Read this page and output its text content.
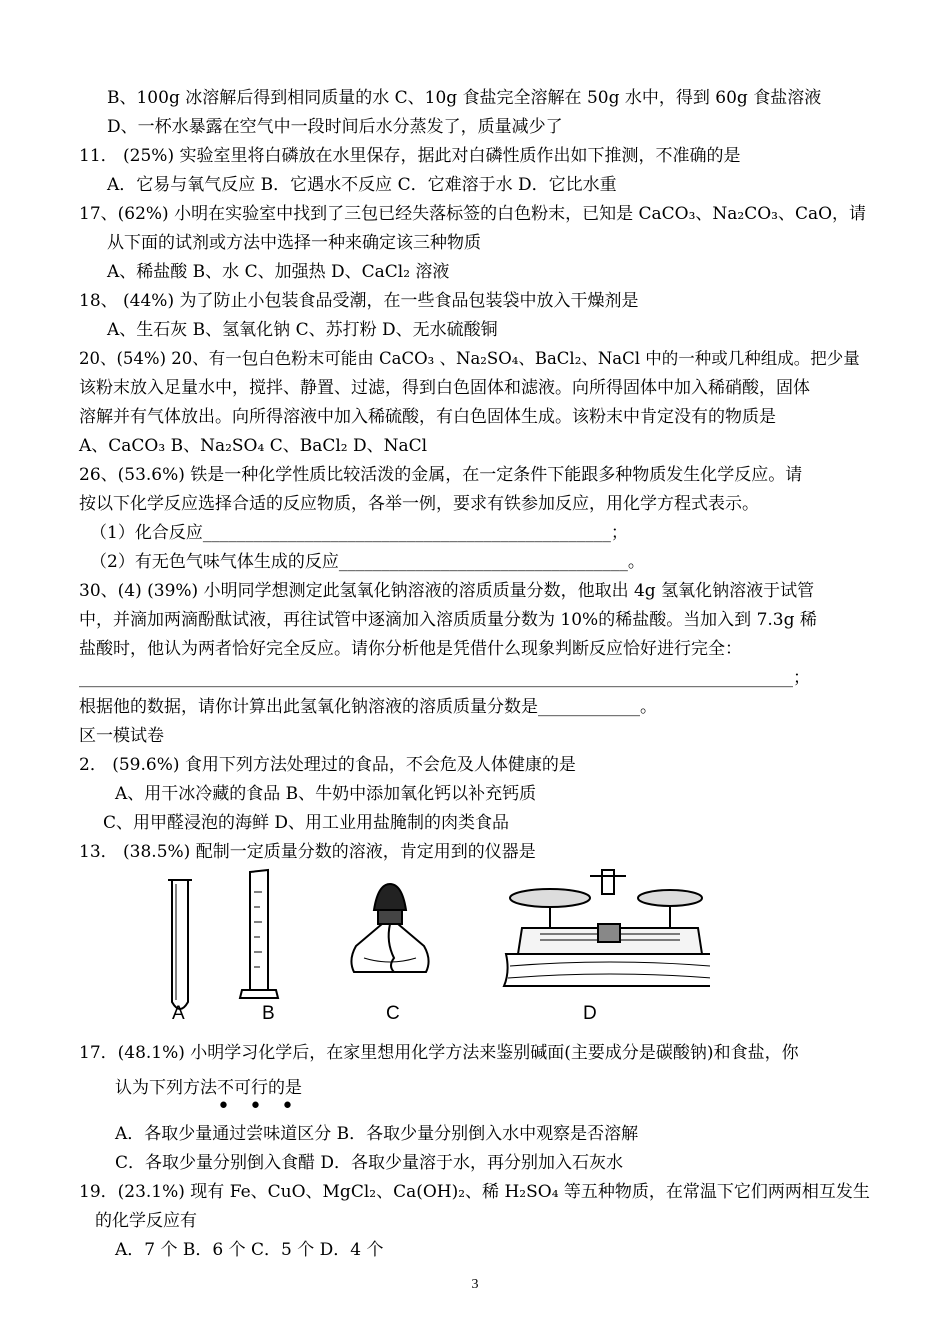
B、100g 冰溶解后得到相同质量的水 C、10g 食盐完全溶解在 50g 水中，得到 60g 食盐溶液
D、一杯水暴露在空气中一段时间后水分蒸发了，质量减少了
11． (25%) 实验室里将白磷放在水里保存，据此对白磷性质作出如下推测，不准确的是
A．它易与氧气反应 B．它遇水不反应 C．它难溶于水 D．它比水重
17、(62%) 小明在实验室中找到了三包已经失落标签的白色粉末，已知是 CaCO₃、Na₂CO₃、CaO，请
从下面的试剂或方法中选择一种来确定该三种物质
A、稀盐酸 B、水 C、加强热 D、CaCl₂ 溶液
18、 (44%) 为了防止小包装食品受潮，在一些食品包装袋中放入干燥剂是
A、生石灰 B、氢氧化钠 C、苏打粉 D、无水硫酸铜
20、(54%) 20、有一包白色粉末可能由 CaCO₃ 、Na₂SO₄、BaCl₂、NaCl 中的一种或几种组成。把少量
该粉末放入足量水中，搅拌、静置、过滤，得到白色固体和滤液。向所得固体中加入稀硝酸，固体
溶解并有气体放出。向所得溶液中加入稀硫酸，有白色固体生成。该粉末中肯定没有的物质是
A、CaCO₃ B、Na₂SO₄ C、BaCl₂ D、NaCl
26、(53.6%) 铁是一种化学性质比较活泼的金属，在一定条件下能跟多种物质发生化学反应。请
按以下化学反应选择合适的反应物质，各举一例，要求有铁参加反应，用化学方程式表示。
（1）化合反应________________________________________________；
（2）有无色气味气体生成的反应__________________________________。
30、(4) (39%) 小明同学想测定此氢氧化钠溶液的溶质质量分数，他取出 4g 氢氧化钠溶液于试管
中，并滴加两滴酚酞试液，再往试管中逐滴加入溶质质量分数为 10%的稀盐酸。当加入到 7.3g 稀
盐酸时，他认为两者恰好完全反应。请你分析他是凭借什么现象判断反应恰好进行完全：
____________________________________________________________________________________；
根据他的数据，请你计算出此氢氧化钠溶液的溶质质量分数是____________。
区一模试卷
2． (59.6%) 食用下列方法处理过的食品，不会危及人体健康的是
A、用干冰冷藏的食品 B、牛奶中添加氧化钙以补充钙质
C、用甲醛浸泡的海鲜 D、用工业用盐腌制的肉类食品
13． (38.5%) 配制一定质量分数的溶液，肯定用到的仪器是
17．(48.1%) 小明学习化学后，在家里想用化学方法来鉴别碱面(主要成分是碳酸钠)和食盐，你
认为下列方法不可行的是
A．各取少量通过尝味道区分 B．各取少量分别倒入水中观察是否溶解
C．各取少量分别倒入食醋 D．各取少量溶于水，再分别加入石灰水
19．(23.1%) 现有 Fe、CuO、MgCl₂、Ca(OH)₂、稀 H₂SO₄ 等五种物质，在常温下它们两两相互发生
的化学反应有
A．7 个 B．6 个 C．5 个 D．4 个
A	B	C	D
• • •
3
